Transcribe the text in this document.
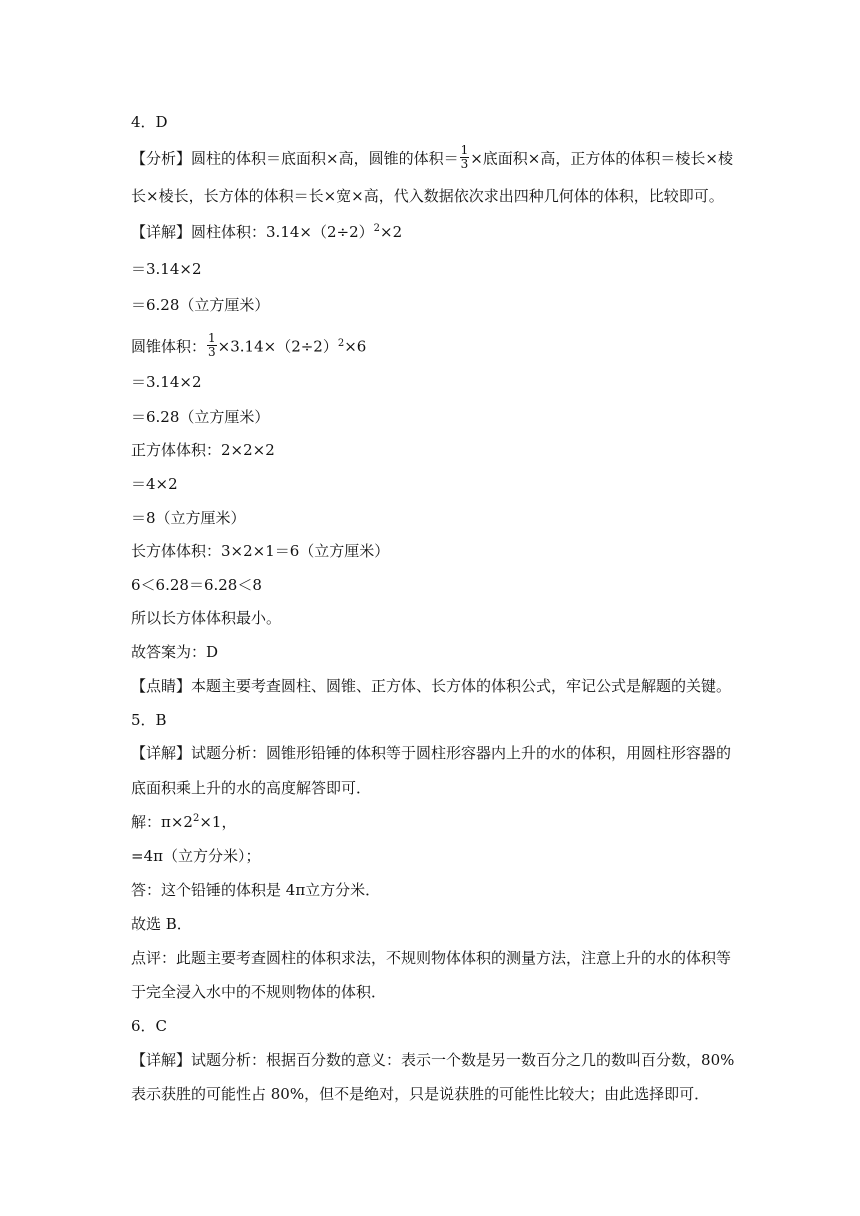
4．D
【分析】圆柱的体积＝底面积×高，圆锥的体积＝ $\frac{1}{3}$ ×底面积×高，正方体的体积＝棱长×棱
长×棱长，长方体的体积＝长×宽×高，代入数据依次求出四种几何体的体积，比较即可。
【详解】圆柱体积：$3.14\times(2\div 2)^2\times 2$
＝3.14×2
＝6.28（立方厘米）
圆锥体积： $\frac{1}{3} \times 3.14\times(2\div 2)^2\times 6$
＝3.14×2
＝6.28（立方厘米）
正方体体积：2×2×2
＝4×2
＝8（立方厘米）
长方体体积：3×2×1＝6（立方厘米）
6＜6.28＝6.28＜8
所以长方体体积最小。
故答案为：D
【点睛】本题主要考查圆柱、圆锥、正方体、长方体的体积公式，牢记公式是解题的关键。
5．B
【详解】试题分析：圆锥形铅锤的体积等于圆柱形容器内上升的水的体积，用圆柱形容器的
底面积乘上升的水的高度解答即可．
解：$\pi\times 2^2\times 1$，
=4π（立方分米）；
答：这个铅锤的体积是 4π立方分米．
故选 B．
点评：此题主要考查圆柱的体积求法，不规则物体体积的测量方法，注意上升的水的体积等
于完全浸入水中的不规则物体的体积．
6．C
【详解】试题分析：根据百分数的意义：表示一个数是另一数百分之几的数叫百分数，80%
表示获胜的可能性占 80%，但不是绝对，只是说获胜的可能性比较大；由此选择即可．
